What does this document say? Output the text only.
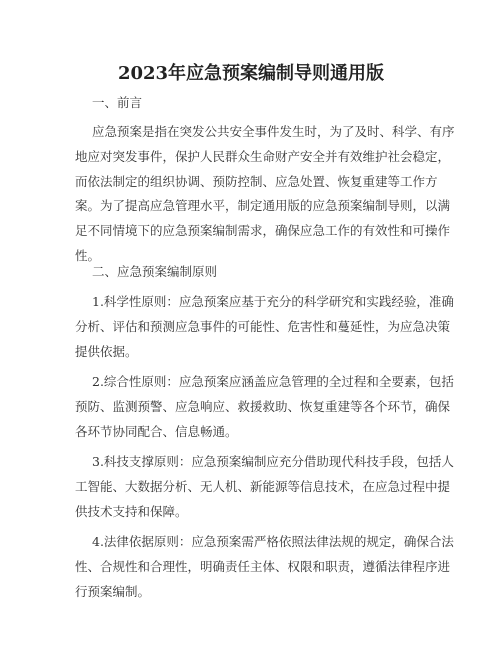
2023年应急预案编制导则通用版
一、前言
应急预案是指在突发公共安全事件发生时，为了及时、科学、有序
地应对突发事件，保护人民群众生命财产安全并有效维护社会稳定，
而依法制定的组织协调、预防控制、应急处置、恢复重建等工作方
案。为了提高应急管理水平，制定通用版的应急预案编制导则，以满
足不同情境下的应急预案编制需求，确保应急工作的有效性和可操作
性。
二、应急预案编制原则
1.科学性原则：应急预案应基于充分的科学研究和实践经验，准确
分析、评估和预测应急事件的可能性、危害性和蔓延性，为应急决策
提供依据。
2.综合性原则：应急预案应涵盖应急管理的全过程和全要素，包括
预防、监测预警、应急响应、救援救助、恢复重建等各个环节，确保
各环节协同配合、信息畅通。
3.科技支撑原则：应急预案编制应充分借助现代科技手段，包括人
工智能、大数据分析、无人机、新能源等信息技术，在应急过程中提
供技术支持和保障。
4.法律依据原则：应急预案需严格依照法律法规的规定，确保合法
性、合规性和合理性，明确责任主体、权限和职责，遵循法律程序进
行预案编制。
